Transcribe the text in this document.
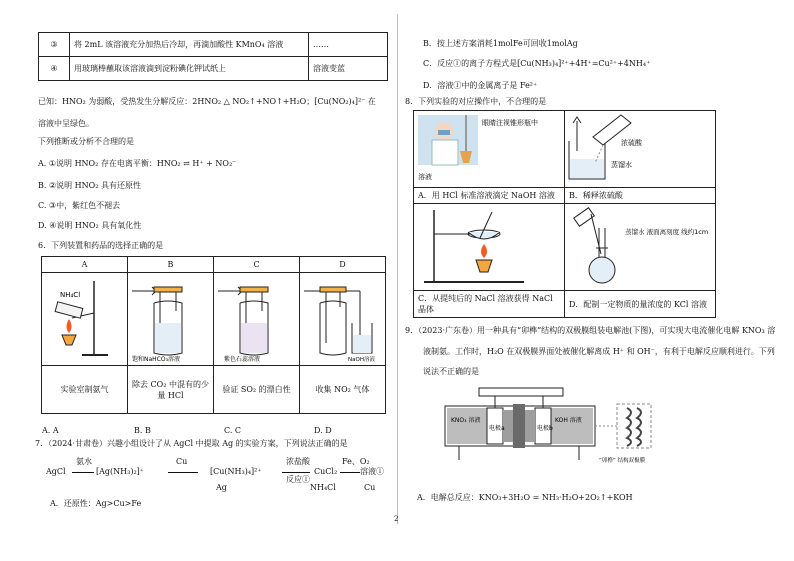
③	将 2mL 该溶液充分加热后冷却，再滴加酸性 KMnO₄ 溶液	……
④	用玻璃棒蘸取该溶液滴到淀粉碘化钾试纸上	溶液变蓝
已知：HNO₂ 为弱酸，受热发生分解反应：2HNO₂ △ NO₂↑+NO↑+H₂O；[Cu(NO₂)₄]²⁻ 在
溶液中呈绿色。
下列推断或分析不合理的是
A. ①说明 HNO₂ 存在电离平衡：HNO₂ ⇌ H⁺ + NO₂⁻
B. ②说明 HNO₂ 具有还原性
C. ③中，紫红色不褪去
D. ④说明 HNO₂ 具有氧化性
6．下列装置和药品的选择正确的是
A	B	C	D

NH₄Cl	饱和NaHCO₃溶液	紫色石蕊溶液	NaOH溶液

实验室制氨气	除去 CO₂ 中混有的少量 HCl	验证 SO₂ 的漂白性	收集 NO₂ 气体
A. A	B. B	C. C	D. D
7．（2024·甘肃卷）兴趣小组设计了从 AgCl 中提取 Ag 的实验方案，下列说法正确的是
AgCl
氨水
[Ag(NH₃)₂]⁺
Cu
[Cu(NH₃)₄]²⁺
Ag
浓盐酸
反应①
CuCl₂
NH₄Cl
Fe、O₂
溶液①
Cu
A．还原性：Ag>Cu>Fe
B．按上述方案消耗1molFe可回收1molAg
C．反应①的离子方程式是[Cu(NH₃)₄]²⁺+4H⁺=Cu²⁺+4NH₄⁺
D．溶液①中的金属离子是 Fe²⁺
8．下列实验的对应操作中，不合理的是
眼睛注视锥形瓶中
溶液	浓硫酸
蒸馏水

A．用 HCl 标准溶液滴定 NaOH 溶液	B．稀释浓硫酸

蒸馏水 液面离刻度 线约1cm

C．从提纯后的 NaCl 溶液获得 NaCl 晶体	D．配制一定物质的量浓度的 KCl 溶液
9．（2023·广东卷）用一种具有“卯榫”结构的双极膜组装电解池(下图)，可实现大电流催化电解 KNO₃ 溶
液制氨。工作时，H₂O 在双极膜界面处被催化解离成 H⁺ 和 OH⁻，有利于电解反应顺利进行。下列
说法不正确的是
KNO₃ 溶液
电极a	电极b
KOH 溶液
“卯榫” 结构双极膜
A．电解总反应：KNO₃+3H₂O = NH₃·H₂O+2O₂↑+KOH
2
